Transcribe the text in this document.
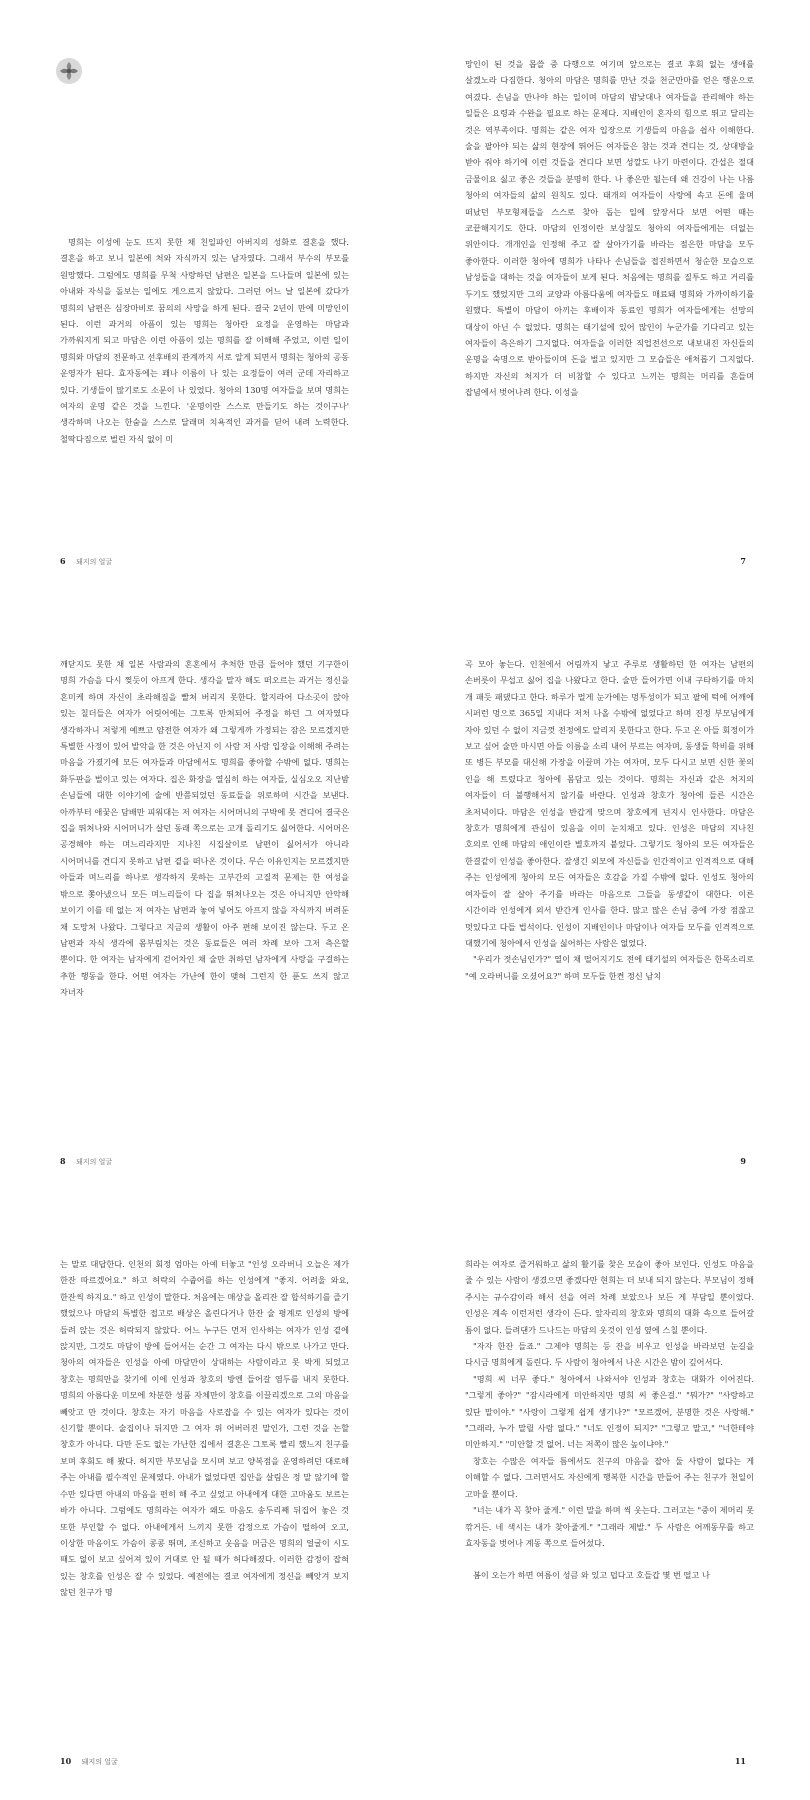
명희는 이성에 눈도 뜨지 못한 채 친일파인 아버지의 성화로 결혼을 했다. 결혼을 하고 보니 일본에 처와 자식까지 있는 남자였다. 그래서 부수의 부모를 원망했다. 그럼에도 명희를 무척 사랑하던 남편은 일본을 드나들며 일본에 있는 아내와 자식을 돌보는 일에도 게으르지 않았다. 그러던 어느 날 일본에 갔다가 명희의 남편은 심장마비로 꿈의의 사망을 하게 된다. 결국 2년이 만에 미망인이 된다. 이런 과거의 아픔이 있는 명희는 청아란 요정을 운영하는 마담과 가까워지게 되고 마담은 이런 아픔이 있는 명희를 잘 이해해 주었고, 이런 일이 명희와 마담의 전문하고 선후배의 관계까지 서로 알게 되면서 명희는 청아의 공동 운영자가 된다. 효자동에는 꽤나 이름이 나 있는 요정들이 여러 군데 자리하고 있다. 기생들이 많기로도 소문이 나 있었다. 청아의 130명 여자들을 보며 명희는 여자의 운명 같은 것을 느낀다. '운명이란 스스로 만들기도 하는 것이구나' 생각하며 나오는 한숨을 스스로 달래며 치욕적인 과거를 딛어 내려 노력한다. 철딱다짐으로 벌린 자식 없이 미

6 돼지의 얼굴

망인이 된 것을 몹쓸 중 다행으로 여기며 앞으로는 결코 후회 없는 생애를 살겠노라 다짐한다. 청아의 마담은 명희를 만난 것을 천군만마를 얻은 행운으로 여겼다. 손님을 만나야 하는 일이며 마담의 밤낮대나 여자들을 관리해야 하는 일들은 요령과 수완을 필요로 하는 문제다. 지배인이 혼자의 힘으로 뛰고 달리는 것은 역부족이다. 명희는 같은 여자 입장으로 기생들의 마음을 쉽사 이해한다. 술을 팔아야 되는 삶의 현장에 뛰어든 여자들은 참는 것과 견디는 것, 상대방을 받아 줘야 하기에 이런 것들을 견디다 보면 성깔도 나기 마련이다. 간섭은 절대 금물이요 싫고 좋은 것들을 분명히 한다. 나 좋은만 될는데 왜 건강이 나는 나름 청아의 여자들의 삶의 원칙도 있다. 태개의 여자들이 사랑에 속고 돈에 울며 떠났던 부모형제들을 스스로 찾아 돕는 일에 앞장서다 보면 어떤 때는 코끝해지기도 한다. 마담의 인정이란 보상칠도 청아의 여자들에게는 더없는 위안이다. 개개인을 인정해 주고 잘 살아가기를 바라는 점은한 마담을 모두 좋아한다. 이러한 청아에 명희가 나타나 손님들을 접진하면서 청순한 모습으로 남성들을 대하는 것을 여자들이 보게 된다. 처음에는 명희를 질투도 하고 거리를 두기도 했었지만 그의 교양과 아름다움에 여자들도 매료돼 명희와 가까이하기를 원했다. 특별이 마담이 아끼는 후배이자 동료인 명희가 여자들에게는 선망의 대상이 아닌 수 없었다. 명희는 태기설에 있어 많인이 누군가를 기다리고 있는 여자들이 측은하기 그지없다. 여자들을 이러한 직업전선으로 내보내진 자신들의 운명을 숙명으로 받아들이며 돈을 벌고 있지만 그 모습들은 애처롭기 그지없다. 하지만 자신의 처지가 더 비참할 수 있다고 느끼는 명희는 머리를 흔들며 잡념에서 벗어나려 한다. 이성을

7

깨닫지도 못한 채 일본 사람과의 혼혼에서 추처한 만큼 들어야 했던 기구한이 명희 가슴을 다시 찢듯이 아프게 한다. 생각을 말자 해도 떠오르는 과거는 정신을 혼미케 하며 자신이 초라해짐을 빨쳐 버리지 못한다. 할지라어 다소곳이 앉아 있는 칠더들은 여자가 어릿어에는 그토록 만쳐되어 주정을 하던 그 여자였다 생각하자니 저렇게 예쁘고 얌전한 여자가 왜 그렇게까 가정되는 잠은 모르겠지만 특별한 사정이 있어 발악을 한 것은 아닌지 이 사람 저 사람 입장을 이해해 주려는 마음을 가졌기에 모든 여자들과 마담에서도 명희를 좋아할 수밖에 없다. 명희는 화두판을 벌이고 있는 여자다. 집은 화장을 열심히 하는 여자들, 실심오오 지난밤 손님들에 대한 이야기에 술에 반쯤되었던 동료들을 위로하며 시간을 보낸다. 아까부터 애꿎은 담배만 피워대는 저 여자는 시어머니의 구박에 못 견디어 결국은 집을 뛰쳐나와 시어머니가 살던 동래 쪽으로는 고개 돌리기도 싫어한다. 시어머은 공경해야 하는 며느리라지만 지나친 시집살이로 남편이 싫어서가 아니라 시어머니를 견디지 못하고 남편 곁을 떠나온 것이다. 무슨 이유인지는 모르겠지만 아들과 며느리를 하나로 생각하지 못하는 고부간의 고질적 문제는 한 여성을 밖으로 쫓아냈으니 모든 며느리들이 다 집을 뛰쳐나오는 것은 아니지만 안악해 보이기 이를 데 없는 저 여자는 남편과 놓여 넣어도 아프지 않을 자식까지 버려둔 채 도망쳐 나왔다. 그렇다고 지금의 생활이 아주 편해 보이진 않는다. 두고 온 남편과 자식 생각에 몸부림치는 것은 동료들은 여러 차례 보아 그저 측은할 뿐이다. 한 여자는 남자에게 걷어차인 채 술만 취하던 남자에게 사랑을 구걸하는 추한 행동을 한다. 어떤 여자는 가난에 한이 맺혀 그런지 한 푼도 쓰지 않고 자녀자

8 돼지의 얼굴

곡 모아 놓는다. 인천에서 어림까지 낳고 주루로 생활하던 한 여자는 남편의 손버릇이 무섭고 싫어 집을 나왔다고 한다. 술만 들어가면 이내 구타하기를 마치 개 패듯 패댔다고 한다. 하루가 멀게 눈가에는 멍투성이가 되고 팔에 턱에 어깨에 시퍼런 멍으로 365일 지내다 저처 나올 수밖에 없었다고 하며 진정 부모님에게 자아 있던 수 없이 지금껏 전정에도 알리지 못한다고 한다. 두고 온 아들 회정이가 보고 싶어 술만 마시면 아들 이름을 소리 내어 부르는 여자며, 동생들 학비를 위해 또 병든 부모를 대신해 가장을 이끌며 가는 여자며, 모두 다시고 보면 신한 꽃의 인을 해 트렸다고 청아에 몸담고 있는 것이다. 명희는 자신과 같은 처지의 여자들이 더 불행해서지 않기를 바란다. 인성과 창호가 청아에 들른 시간은 초저녁이다. 마담은 인성을 반갑게 맞으며 창호에게 넌지시 인사한다. 마담은 창호가 명희에게 관심이 있음을 이미 눈치채고 있다. 인성은 마담의 지나친 호의로 인해 마담의 애인이란 별호까지 붙었다. 그렇기도 청아의 모든 여자들은 한결같이 인성을 좋아한다. 잘생긴 외모에 자신들을 인간적이고 인격적으로 대해 주는 인성에게 청아의 모든 여자들은 호감을 가질 수밖에 없다. 인성도 청아의 여자들이 잘 살아 주기를 바라는 마음으로 그들을 동생같이 대한다. 이른 시간이라 인성에게 외서 받간게 인사를 한다. 많고 많은 손님 중에 가장 점잖고 멋있다고 다들 법석이다. 인성이 지배인이나 마담이나 여자들 모두를 인격적으로 대했기에 청아에서 인성을 싫어하는 사람은 없었다.

"우리가 젓손님인가?" 열이 채 떨어지기도 전에 태기설의 여자들은 한목소리로 "예 오라버니를 오셨어요?" 하며 모두들 한켠 정신 남치

9

는 말로 대답한다. 인천의 회정 엄마는 아예 터놓고 "인성 오라버니 오늘은 제가 한잔 따르겠어요." 하고 허락의 수줍어를 하는 인성에게 "좋지. 어려울 와요, 한잔씩 하지요." 하고 인성이 말한다. 처음에는 매상을 올리잔 잘 합석하기를 즐기 했었으나 마담의 특별한 접고로 배상은 올린다거나 한잔 술 평계로 인성의 방에 들려 앉는 것은 허락되지 않았다. 어느 누구든 먼저 인사하는 여자가 인성 곁에 앉지만, 그것도 마담이 방에 들어서는 순간 그 여자는 다시 밖으로 나가고 만다. 청아의 여자들은 인성을 아예 마담만이 상대하는 사람이라고 못 박게 되었고 창호는 명희만을 찾기에 이에 인성과 창호의 방엔 들어갈 염두를 내지 못한다. 명희의 아름다운 미모에 차분한 성품 자체만이 창호를 이끌리겠으로 그의 마음을 빼앗고 만 것이다. 창호는 자기 마음을 사로잡을 수 있는 여자가 있다는 것이 신기할 뿐이다. 술집이나 뒤지만 그 여자 위 어버러진 말인가, 그런 것을 논할 창호가 아니다. 다만 돈도 없는 가난한 집에서 결혼은 그토록 빨리 했느지 친구를 보며 후회도 해 봤다. 허지만 부모님을 모시며 보고 양복점을 운영하려던 대로해 주는 아내를 필수적인 문제였다. 아내가 없었다면 집안을 살림은 정 말 않기에 할 수만 있다면 아내의 마음을 편히 해 주고 싶었고 아내에게 대한 고마움도 보르는 바가 아니다. 그럼에도 명희라는 여자가 왜도 마음도 송두리째 뒤집어 놓은 것 또한 부인할 수 없다. 아내에게서 느끼지 못한 감정으로 가슴이 떨하여 오고, 이상한 마음이도 가슴이 콩콩 뛰며, 조신하고 웃음을 머금은 명희의 얼굴이 시도 때도 없이 보고 싶어져 있이 거대로 안 될 때가 허다해졌다. 이러한 감정이 잡혀 있는 창호를 인성은 잘 수 있었다. 예전에는 결코 여자에게 정신을 빼앗겨 보지 않던 친구가 명

10 돼지의 얼굴

희라는 여자로 즐거워하고 삶의 활기를 찾은 모습이 좋아 보인다. 인성도 마음을 줄 수 있는 사람이 생겼으면 좋겠다만 현희는 더 보내 되지 않는다. 부모님이 정해 주시는 규수감이라 해서 선을 여러 차례 보았으나 보든 게 부담일 뿐이었다. 인성은 계속 이런저런 생각이 든다. 앞자리의 창호와 명희의 대화 속으로 들어갈 틈이 없다. 들려댄가 드나드는 마담의 웃것이 인성 옆에 스칠 뿐이다.

"자자 한잔 들죠." 그제야 명희는 등 잔을 비우고 인성을 바라보던 눈길을 다시금 명희에게 돌린다. 두 사람이 청아에서 나온 시간은 밤이 깊어서다.

"명희 씨 너무 좋다." 청아에서 나와서야 인성과 창호는 대화가 이어진다. "그렇게 좋아?" "잠시라에게 미안하지만 명희 씨 좋은걸." "뭐가?" "사랑하고 있단 말이야." "사랑이 그렇게 쉽게 생기나?" "모르겠어, 분명한 것은 사랑해." "그래라, 누가 말릴 사람 없다." "너도 인정이 되지?" "그렇고 말고," "너한테야 미안하지." "미안할 것 없어. 너는 저쪽이 많은 높이냐야."

창호는 수많은 여자들 틈에서도 친구의 마음을 잡아 둘 사람이 없다는 게 이해할 수 없다. 그러면서도 자신에게 행복한 시간을 만들어 주는 친구가 천일이 고마울 뿐이다.

"너는 내가 꼭 찾아 줄게." 이런 말을 하며 씩 웃는다. 그러고는 "중이 제머리 못 깎거든. 네 색시는 내가 찾아줄게." "그래라 제발." 두 사람은 어깨동무를 하고 효자동을 벗어나 계동 쪽으로 들어섰다.

봄이 오는가 하면 여름이 성큼 와 있고 덥다고 호들갑 몇 번 떨고 나

11
